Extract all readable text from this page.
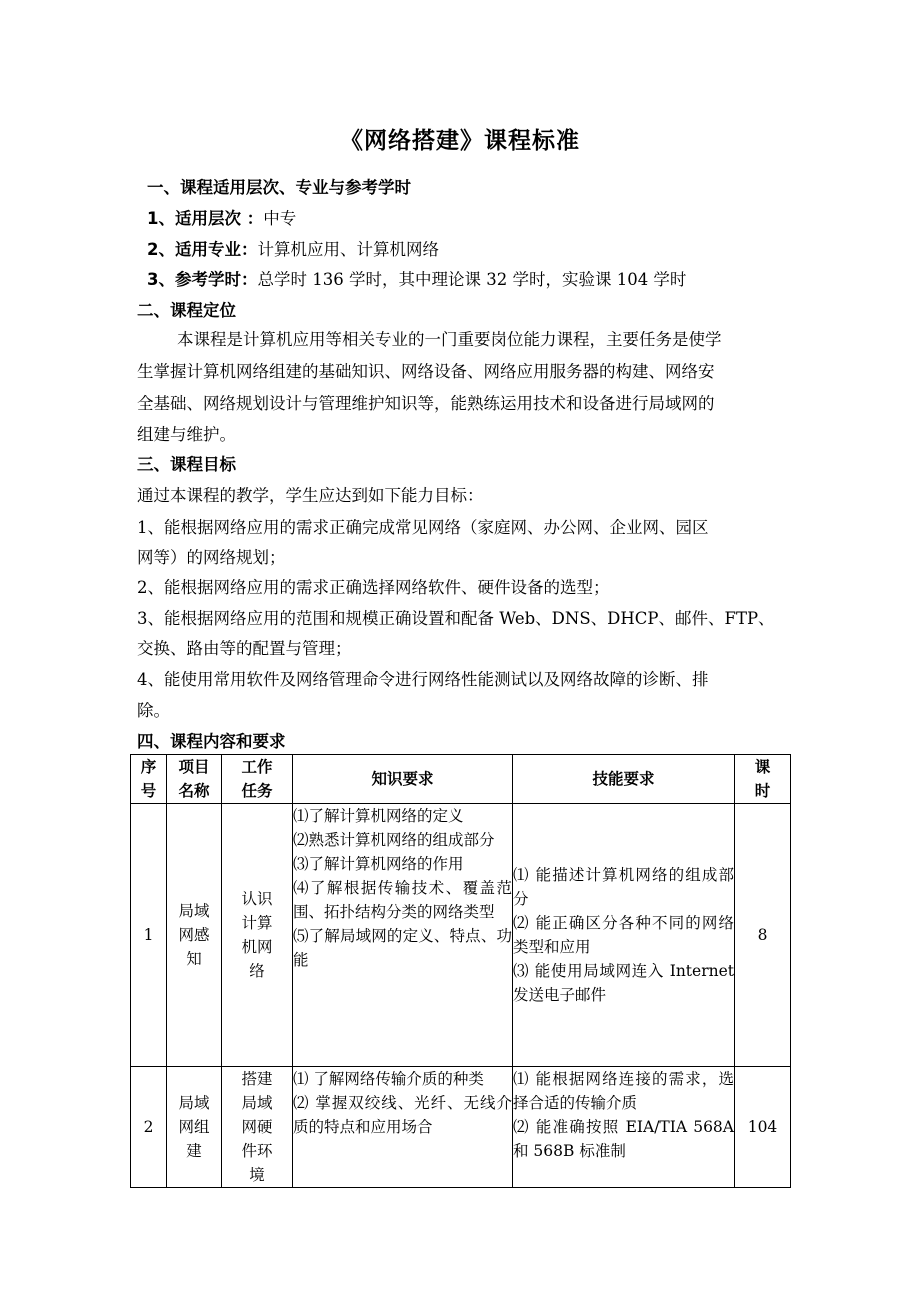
《网络搭建》课程标准
一、课程适用层次、专业与参考学时
1、适用层次 ：中专
2、适用专业：计算机应用、计算机网络
3、参考学时：总学时 136 学时，其中理论课 32 学时，实验课 104 学时
二、课程定位
本课程是计算机应用等相关专业的一门重要岗位能力课程，主要任务是使学
生掌握计算机网络组建的基础知识、网络设备、网络应用服务器的构建、网络安
全基础、网络规划设计与管理维护知识等，能熟练运用技术和设备进行局域网的
组建与维护。
三、课程目标
通过本课程的教学，学生应达到如下能力目标：
1、能根据网络应用的需求正确完成常见网络（家庭网、办公网、企业网、园区
网等）的网络规划；
2、能根据网络应用的需求正确选择网络软件、硬件设备的选型；
3、能根据网络应用的范围和规模正确设置和配备 Web、DNS、DHCP、邮件、FTP、
交换、路由等的配置与管理；
4、能使用常用软件及网络管理命令进行网络性能测试以及网络故障的诊断、排
除。
四、课程内容和要求
序
号	项目
名称	工作
任务	知识要求	技能要求	课
时
1	局域
网感
知	认识
计算
机网
络	⑴了解计算机网络的定义
⑵熟悉计算机网络的组成部分
⑶了解计算机网络的作用
⑷了解根据传输技术、覆盖范围、拓扑结构分类的网络类型
⑸了解局域网的定义、特点、功能	⑴ 能描述计算机网络的组成部分
⑵ 能正确区分各种不同的网络类型和应用
⑶ 能使用局域网连入 Internet 发送电子邮件	8
2	局域
网组
建	搭建
局域
网硬
件环
境	⑴ 了解网络传输介质的种类
⑵ 掌握双绞线、光纤、无线介质的特点和应用场合	⑴ 能根据网络连接的需求，选择合适的传输介质
⑵ 能准确按照 EIA/TIA 568A 和 568B 标准制	104
